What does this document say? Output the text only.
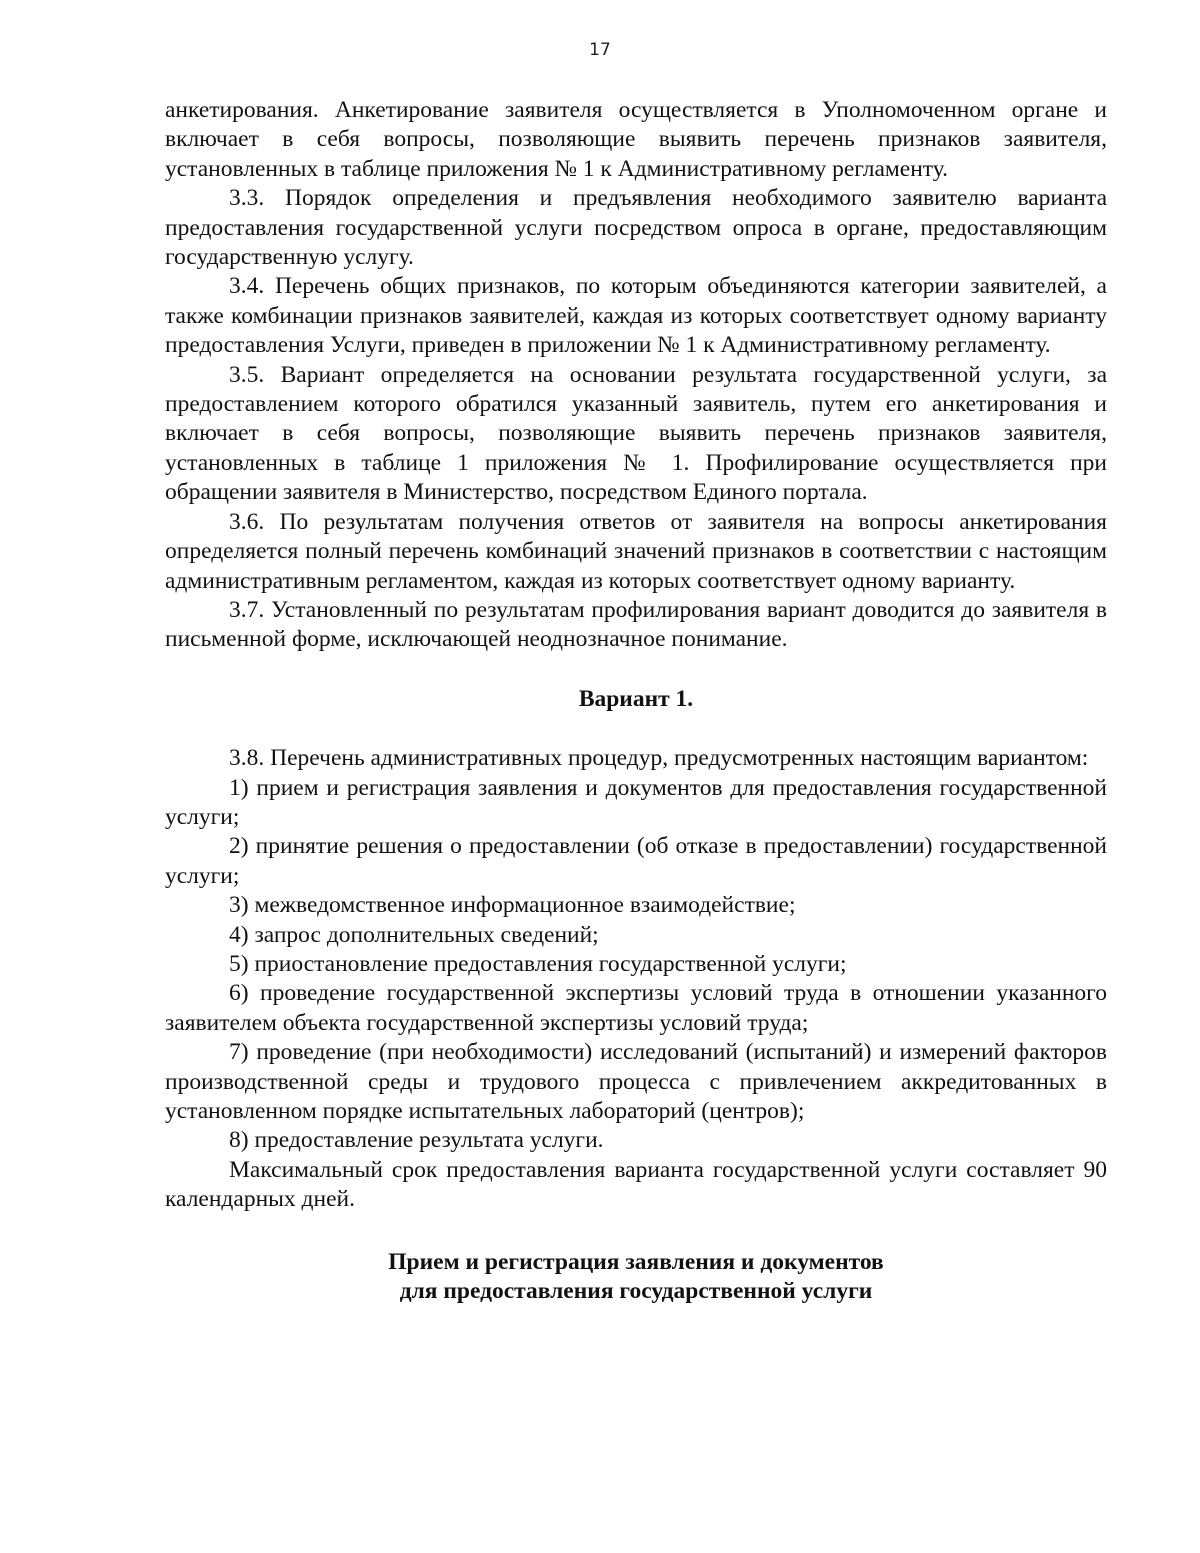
17

анкетирования. Анкетирование заявителя осуществляется в Уполномоченном органе и включает в себя вопросы, позволяющие выявить перечень признаков заявителя, установленных в таблице приложения № 1 к Административному регламенту.

3.3. Порядок определения и предъявления необходимого заявителю варианта предоставления государственной услуги посредством опроса в органе, предоставляющим государственную услугу.

3.4. Перечень общих признаков, по которым объединяются категории заявителей, а также комбинации признаков заявителей, каждая из которых соответствует одному варианту предоставления Услуги, приведен в приложении № 1 к Административному регламенту.

3.5. Вариант определяется на основании результата государственной услуги, за предоставлением которого обратился указанный заявитель, путем его анкетирования и включает в себя вопросы, позволяющие выявить перечень признаков заявителя, установленных в таблице 1 приложения № 1. Профилирование осуществляется при обращении заявителя в Министерство, посредством Единого портала.

3.6. По результатам получения ответов от заявителя на вопросы анкетирования определяется полный перечень комбинаций значений признаков в соответствии с настоящим административным регламентом, каждая из которых соответствует одному варианту.

3.7. Установленный по результатам профилирования вариант доводится до заявителя в письменной форме, исключающей неоднозначное понимание.

Вариант 1.

3.8. Перечень административных процедур, предусмотренных настоящим вариантом:

1) прием и регистрация заявления и документов для предоставления государственной услуги;

2) принятие решения о предоставлении (об отказе в предоставлении) государственной услуги;

3) межведомственное информационное взаимодействие;

4) запрос дополнительных сведений;

5) приостановление предоставления государственной услуги;

6) проведение государственной экспертизы условий труда в отношении указанного заявителем объекта государственной экспертизы условий труда;

7) проведение (при необходимости) исследований (испытаний) и измерений факторов производственной среды и трудового процесса с привлечением аккредитованных в установленном порядке испытательных лабораторий (центров);

8) предоставление результата услуги.

Максимальный срок предоставления варианта государственной услуги составляет 90 календарных дней.

Прием и регистрация заявления и документов
для предоставления государственной услуги
